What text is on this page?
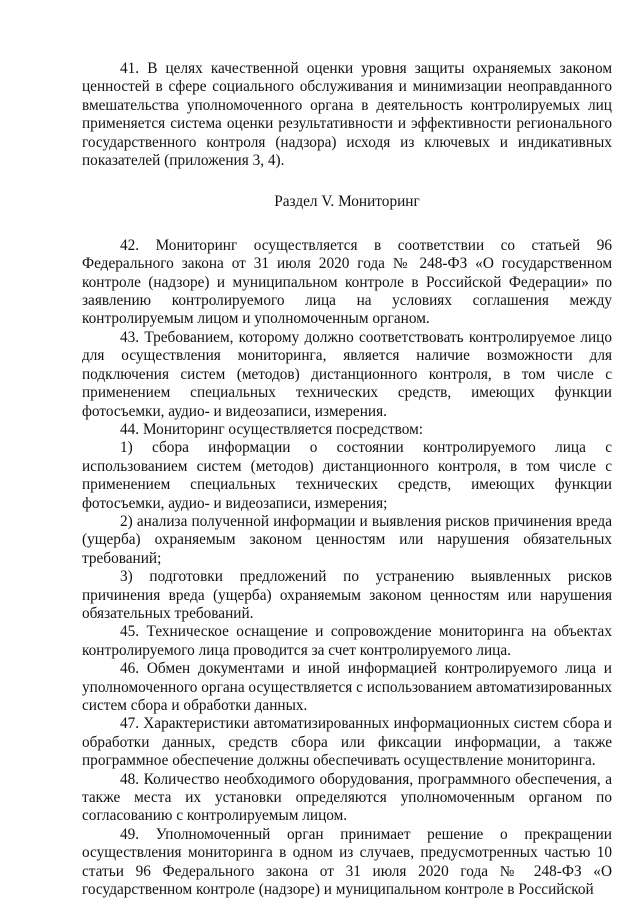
41. В целях качественной оценки уровня защиты охраняемых законом ценностей в сфере социального обслуживания и минимизации неоправданного вмешательства уполномоченного органа в деятельность контролируемых лиц применяется система оценки результативности и эффективности регионального государственного контроля (надзора) исходя из ключевых и индикативных показателей (приложения 3, 4).

Раздел V. Мониторинг

42. Мониторинг осуществляется в соответствии со статьей 96 Федерального закона от 31 июля 2020 года № 248-ФЗ «О государственном контроле (надзоре) и муниципальном контроле в Российской Федерации» по заявлению контролируемого лица на условиях соглашения между контролируемым лицом и уполномоченным органом.

43. Требованием, которому должно соответствовать контролируемое лицо для осуществления мониторинга, является наличие возможности для подключения систем (методов) дистанционного контроля, в том числе с применением специальных технических средств, имеющих функции фотосъемки, аудио- и видеозаписи, измерения.

44. Мониторинг осуществляется посредством:

1) сбора информации о состоянии контролируемого лица с использованием систем (методов) дистанционного контроля, в том числе с применением специальных технических средств, имеющих функции фотосъемки, аудио- и видеозаписи, измерения;

2) анализа полученной информации и выявления рисков причинения вреда (ущерба) охраняемым законом ценностям или нарушения обязательных требований;

3) подготовки предложений по устранению выявленных рисков причинения вреда (ущерба) охраняемым законом ценностям или нарушения обязательных требований.

45. Техническое оснащение и сопровождение мониторинга на объектах контролируемого лица проводится за счет контролируемого лица.

46. Обмен документами и иной информацией контролируемого лица и уполномоченного органа осуществляется с использованием автоматизированных систем сбора и обработки данных.

47. Характеристики автоматизированных информационных систем сбора и обработки данных, средств сбора или фиксации информации, а также программное обеспечение должны обеспечивать осуществление мониторинга.

48. Количество необходимого оборудования, программного обеспечения, а также места их установки определяются уполномоченным органом по согласованию с контролируемым лицом.

49. Уполномоченный орган принимает решение о прекращении осуществления мониторинга в одном из случаев, предусмотренных частью 10 статьи 96 Федерального закона от 31 июля 2020 года № 248-ФЗ «О государственном контроле (надзоре) и муниципальном контроле в Российской
